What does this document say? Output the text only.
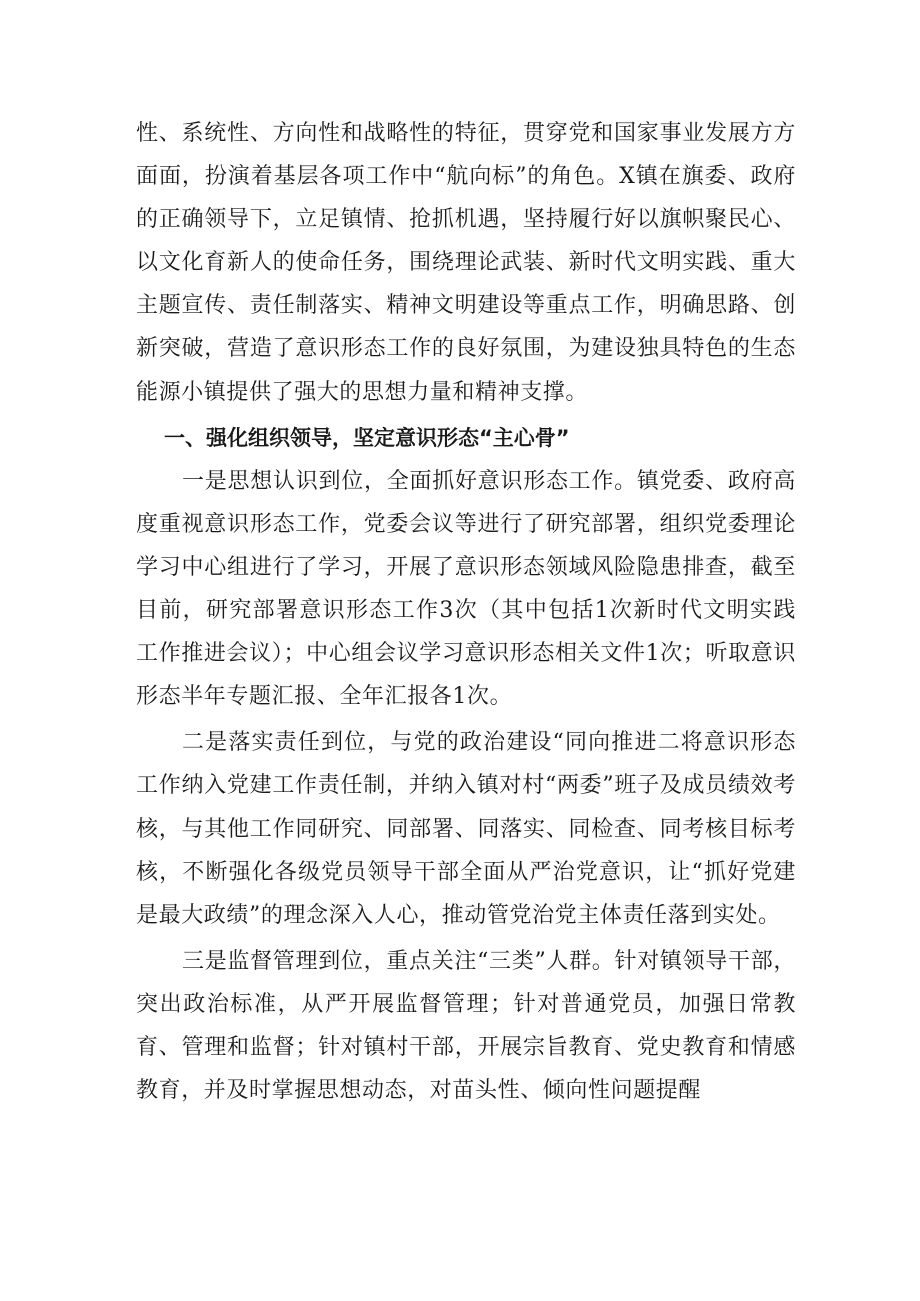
性、系统性、方向性和战略性的特征，贯穿党和国家事业发展方方面面，扮演着基层各项工作中“航向标”的角色。X镇在旗委、政府的正确领导下，立足镇情、抢抓机遇，坚持履行好以旗帜聚民心、以文化育新人的使命任务，围绕理论武装、新时代文明实践、重大主题宣传、责任制落实、精神文明建设等重点工作，明确思路、创新突破，营造了意识形态工作的良好氛围，为建设独具特色的生态能源小镇提供了强大的思想力量和精神支撑。

一、强化组织领导，坚定意识形态“主心骨”

一是思想认识到位，全面抓好意识形态工作。镇党委、政府高度重视意识形态工作，党委会议等进行了研究部署，组织党委理论学习中心组进行了学习，开展了意识形态领域风险隐患排查，截至目前，研究部署意识形态工作3次（其中包括1次新时代文明实践工作推进会议）；中心组会议学习意识形态相关文件1次；听取意识形态半年专题汇报、全年汇报各1次。

二是落实责任到位，与党的政治建设“同向推进二将意识形态工作纳入党建工作责任制，并纳入镇对村“两委”班子及成员绩效考核，与其他工作同研究、同部署、同落实、同检查、同考核目标考核，不断强化各级党员领导干部全面从严治党意识，让“抓好党建是最大政绩”的理念深入人心，推动管党治党主体责任落到实处。

三是监督管理到位，重点关注“三类”人群。针对镇领导干部，突出政治标准，从严开展监督管理；针对普通党员，加强日常教育、管理和监督；针对镇村干部，开展宗旨教育、党史教育和情感教育，并及时掌握思想动态，对苗头性、倾向性问题提醒
